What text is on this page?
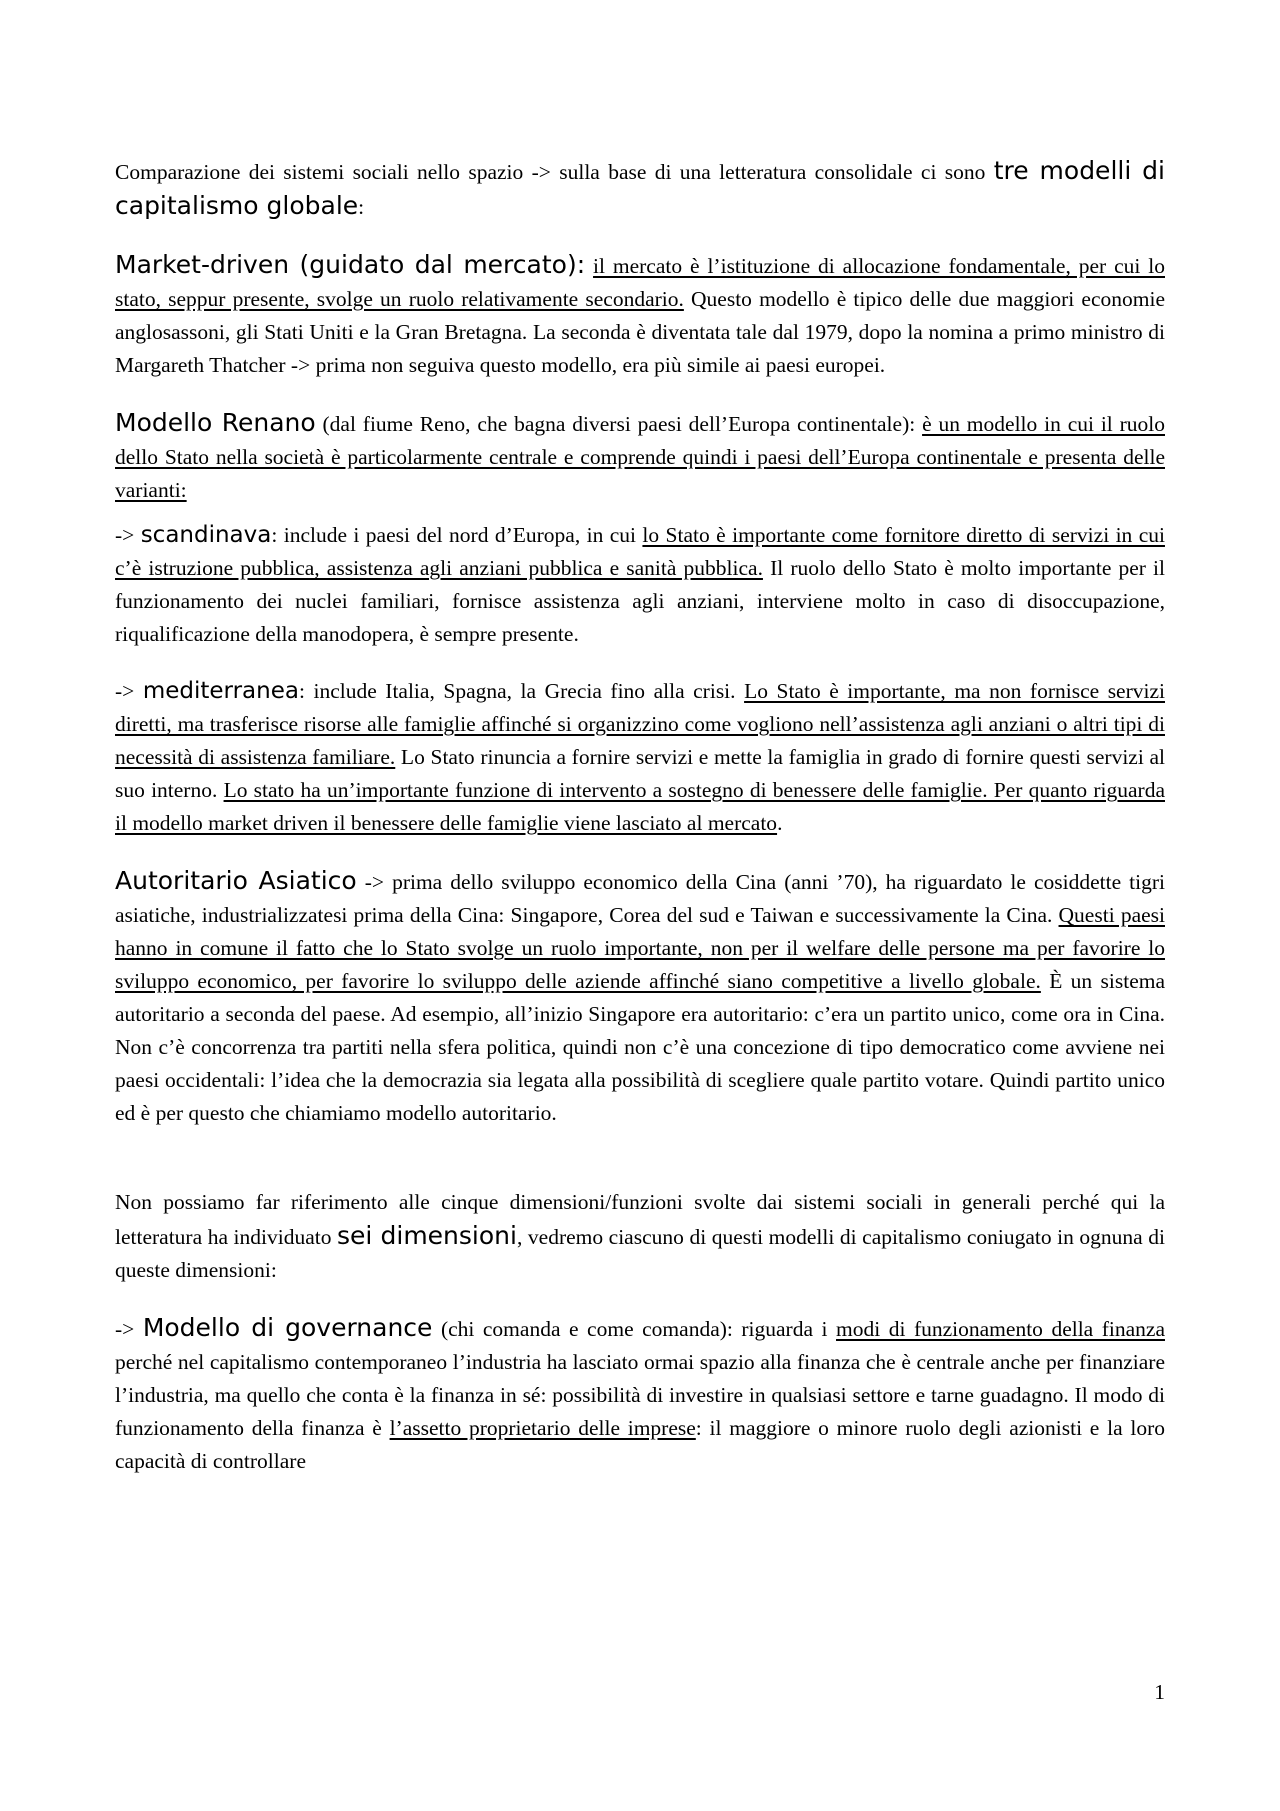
Comparazione dei sistemi sociali nello spazio -> sulla base di una letteratura consolidale ci sono tre modelli di capitalismo globale:

Market-driven (guidato dal mercato): il mercato è l’istituzione di allocazione fondamentale, per cui lo stato, seppur presente, svolge un ruolo relativamente secondario. Questo modello è tipico delle due maggiori economie anglosassoni, gli Stati Uniti e la Gran Bretagna. La seconda è diventata tale dal 1979, dopo la nomina a primo ministro di Margareth Thatcher -> prima non seguiva questo modello, era più simile ai paesi europei.

Modello Renano (dal fiume Reno, che bagna diversi paesi dell’Europa continentale): è un modello in cui il ruolo dello Stato nella società è particolarmente centrale e comprende quindi i paesi dell’Europa continentale e presenta delle varianti:

-> scandinava: include i paesi del nord d’Europa, in cui lo Stato è importante come fornitore diretto di servizi in cui c’è istruzione pubblica, assistenza agli anziani pubblica e sanità pubblica. Il ruolo dello Stato è molto importante per il funzionamento dei nuclei familiari, fornisce assistenza agli anziani, interviene molto in caso di disoccupazione, riqualificazione della manodopera, è sempre presente.

-> mediterranea: include Italia, Spagna, la Grecia fino alla crisi. Lo Stato è importante, ma non fornisce servizi diretti, ma trasferisce risorse alle famiglie affinché si organizzino come vogliono nell’assistenza agli anziani o altri tipi di necessità di assistenza familiare. Lo Stato rinuncia a fornire servizi e mette la famiglia in grado di fornire questi servizi al suo interno. Lo stato ha un’importante funzione di intervento a sostegno di benessere delle famiglie. Per quanto riguarda il modello market driven il benessere delle famiglie viene lasciato al mercato.

Autoritario Asiatico -> prima dello sviluppo economico della Cina (anni ’70), ha riguardato le cosiddette tigri asiatiche, industrializzatesi prima della Cina: Singapore, Corea del sud e Taiwan e successivamente la Cina. Questi paesi hanno in comune il fatto che lo Stato svolge un ruolo importante, non per il welfare delle persone ma per favorire lo sviluppo economico, per favorire lo sviluppo delle aziende affinché siano competitive a livello globale. È un sistema autoritario a seconda del paese. Ad esempio, all’inizio Singapore era autoritario: c’era un partito unico, come ora in Cina. Non c’è concorrenza tra partiti nella sfera politica, quindi non c’è una concezione di tipo democratico come avviene nei paesi occidentali: l’idea che la democrazia sia legata alla possibilità di scegliere quale partito votare. Quindi partito unico ed è per questo che chiamiamo modello autoritario.

Non possiamo far riferimento alle cinque dimensioni/funzioni svolte dai sistemi sociali in generali perché qui la letteratura ha individuato sei dimensioni, vedremo ciascuno di questi modelli di capitalismo coniugato in ognuna di queste dimensioni:

-> Modello di governance (chi comanda e come comanda): riguarda i modi di funzionamento della finanza perché nel capitalismo contemporaneo l’industria ha lasciato ormai spazio alla finanza che è centrale anche per finanziare l’industria, ma quello che conta è la finanza in sé: possibilità di investire in qualsiasi settore e tarne guadagno. Il modo di funzionamento della finanza è l’assetto proprietario delle imprese: il maggiore o minore ruolo degli azionisti e la loro capacità di controllare

1
